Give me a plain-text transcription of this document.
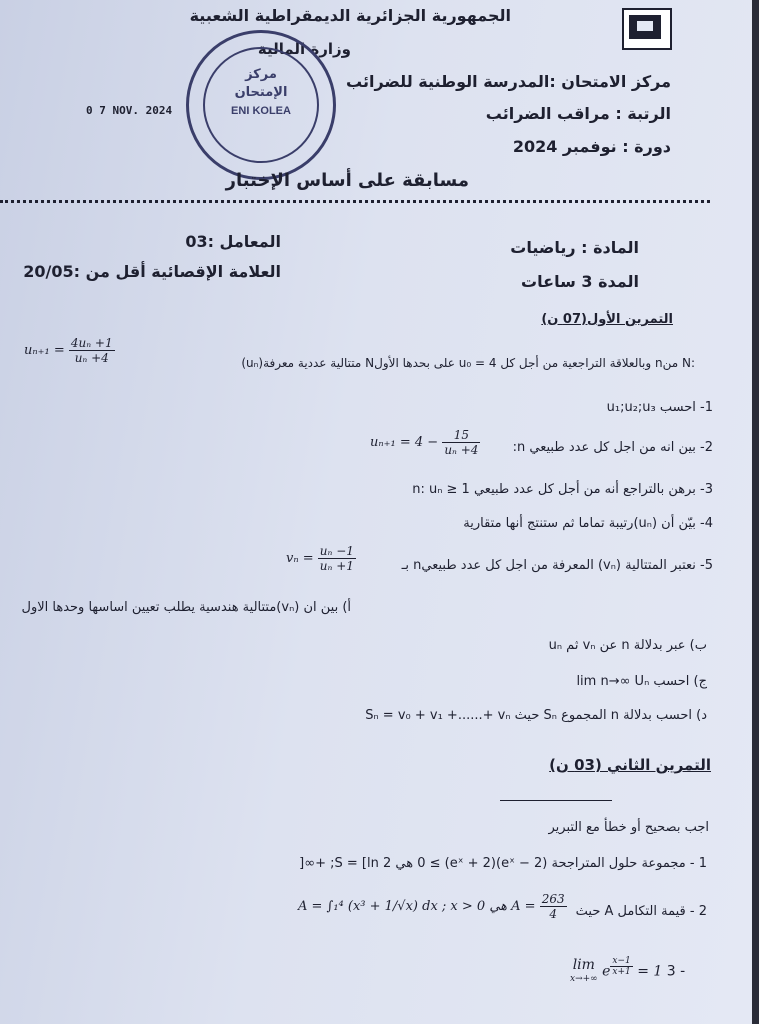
الجمهورية الجزائرية الديمقراطية الشعبية
وزارة المالية
مركز الامتحان :المدرسة الوطنية للضرائب
الرتبة : مراقب الضرائب
دورة : نوفمبر 2024
0 7 NOV. 2024
مركز
الإمتحان
ENI KOLEA
مسابقة على أساس الإختبار
المادة : رياضيات
المدة 3 ساعات
المعامل :03
العلامة الإقصائية أقل من :20/05
التمرين الأول(07 ن)
$u_{n+1} = \frac{\text{4uₙ +1}}{\text{uₙ +4}}$	(uₙ)متتالية عددية معرفة Nعلى بحدها الأول u₀ = 4 وبالعلاقة التراجعية من أجل كل nمن N:
1- احسب u₁;u₂;u₃
2- بين انه من اجل كل عدد طبيعي n:
$u_{n+1} = 4 - \frac{15}{\text{uₙ +4}}$
3- برهن بالتراجع أنه من أجل كل عدد طبيعي n: uₙ ≥ 1
4- بيّن أن (uₙ)رتيبة تماما ثم ستنتج أنها متقارية
5- نعتبر المتتالية (vₙ) المعرفة من اجل كل عدد طبيعيn بـ
$v_n = \frac{\text{uₙ −1}}{\text{uₙ +1}}$
أ) بين ان (vₙ)متتالية هندسية يطلب تعيين اساسها وحدها الاول
ب) عبر بدلالة n عن vₙ ثم uₙ
ج) احسب lim n→∞ Uₙ
د) احسب بدلالة n المجموع Sₙ حيث Sₙ = v₀ + v₁ +......+ vₙ
التمرين الثاني (03 ن)
اجب بصحيح أو خطأ مع التبرير
1 - مجموعة حلول المتراجحة (eˣ − 2)(eˣ + 2) ≥ 0 هي S = [ln 2; +∞[
2 - قيمة التكامل A حيث
A = ∫₁⁴ (x³ + 1/√x) dx ; x > 0 هي $A = \frac{263}{4}$
lim
x→+∞ e $^{\frac{x-1}{x+1}}$ = 1 3 -
